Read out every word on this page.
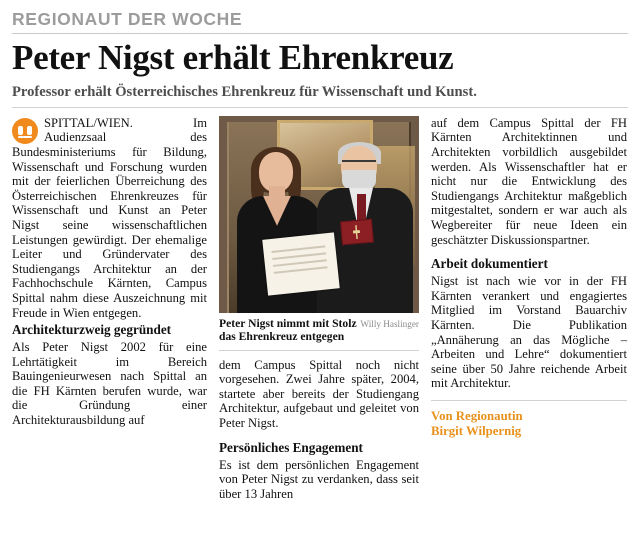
REGIONAUT DER WOCHE
Peter Nigst erhält Ehrenkreuz
Professor erhält Österreichisches Ehrenkreuz für Wissenschaft und Kunst.

SPITTAL/WIEN.	Im Audienzsaal des Bundesministeriums für Bildung, Wissenschaft und Forschung wurden mit der feierlichen Überreichung des Österreichischen Ehrenkreuzes für Wissenschaft und Kunst an Peter Nigst seine wissenschaftlichen Leistungen gewürdigt. Der ehemalige Leiter und Gründervater des Studiengangs Architektur an der Fachhochschule Kärnten, Campus Spittal nahm diese Auszeichnung mit Freude in Wien entgegen.

Architekturzweig gegründet

Als Peter Nigst 2002 für eine Lehrtätigkeit im Bereich Bauingenieurwesen nach Spittal an die FH Kärnten berufen wurde, war die Gründung einer Architekturausbildung auf

Willy Haslinger
Peter Nigst nimmt mit Stolz das Ehrenkreuz entgegen

dem Campus Spittal noch nicht vorgesehen. Zwei Jahre später, 2004, startete aber bereits der Studiengang Architektur, aufgebaut und geleitet von Peter Nigst.

Persönliches Engagement

Es ist dem persönlichen Engagement von Peter Nigst zu verdanken, dass seit über 13 Jahren

auf dem Campus Spittal der FH Kärnten Architektinnen und Architekten vorbildlich ausgebildet werden. Als Wissenschaftler hat er nicht nur die Entwicklung des Studiengangs Architektur maßgeblich mitgestaltet, sondern er war auch als Wegbereiter für neue Ideen ein geschätzter Diskussionspartner.

Arbeit dokumentiert

Nigst ist nach wie vor in der FH Kärnten verankert und engagiertes Mitglied im Vorstand Bauarchiv Kärnten. Die Publikation „Annäherung an das Mögliche – Arbeiten und Lehre“ dokumentiert seine über 50 Jahre reichende Arbeit mit Architektur.

Von Regionautin
Birgit Wilpernig
